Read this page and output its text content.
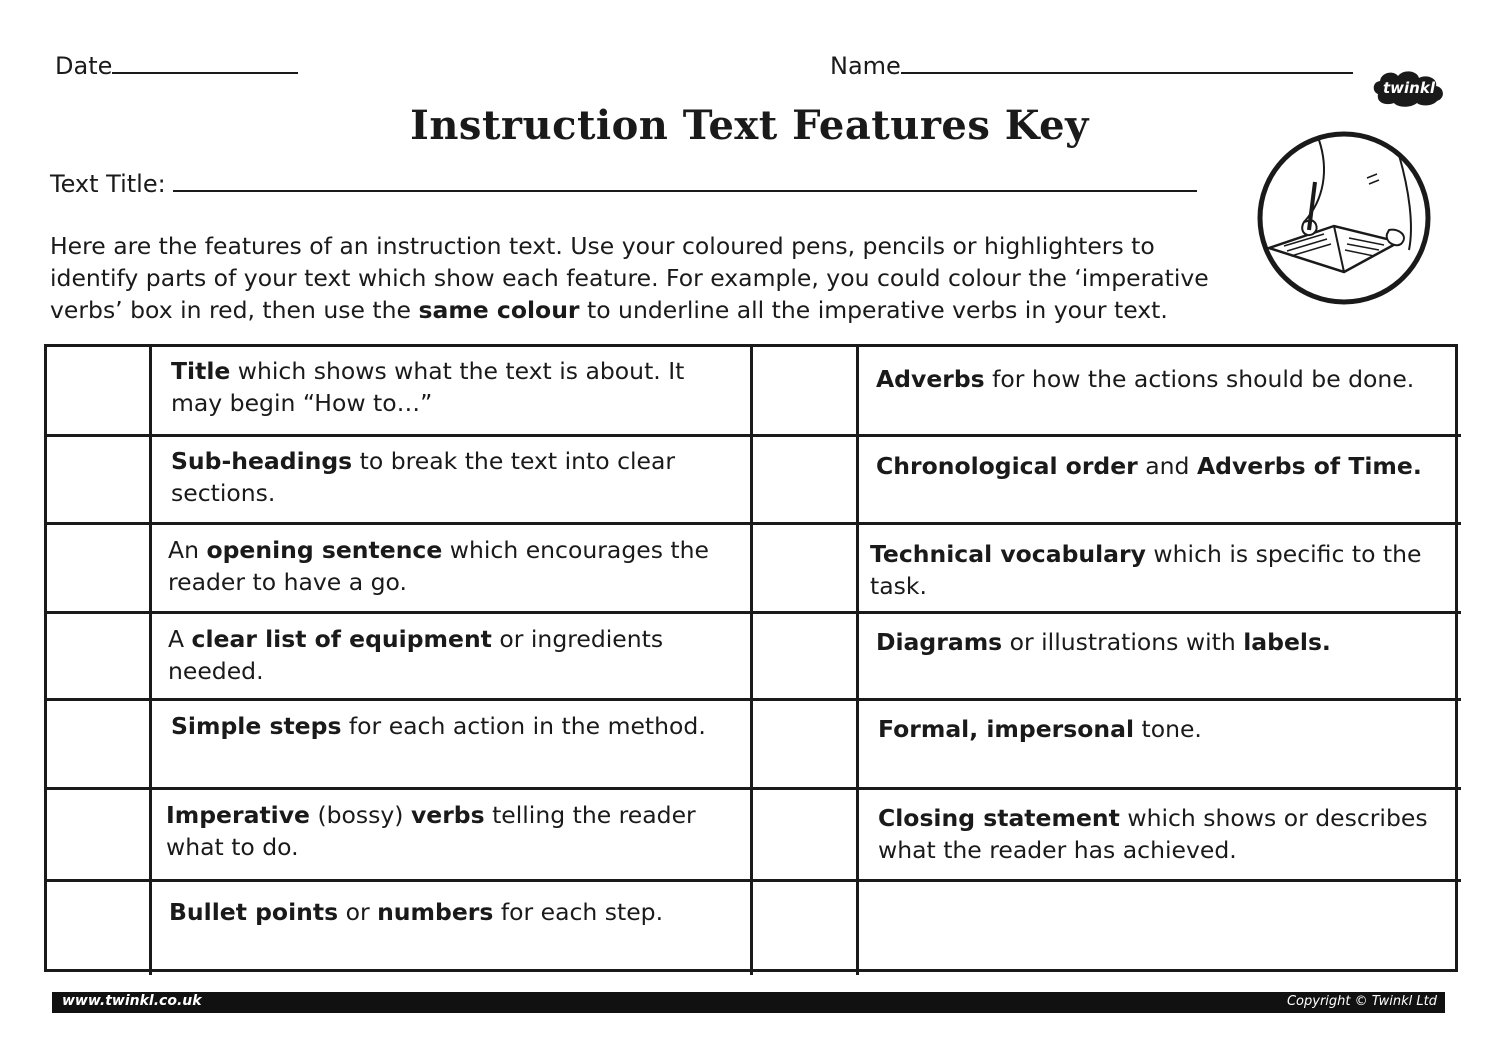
Date	Name
twinkl
Instruction Text Features Key
Text Title:
Here are the features of an instruction text. Use your coloured pens, pencils or highlighters to identify parts of your text which show each feature. For example, you could colour the ‘imperative verbs’ box in red, then use the same colour to underline all the imperative verbs in your text.
Title which shows what the text is about. It may begin “How to…”
Sub-headings to break the text into clear sections.
An opening sentence which encourages the reader to have a go.
A clear list of equipment or ingredients needed.
Simple steps for each action in the method.
Imperative (bossy) verbs telling the reader what to do.
Bullet points or numbers for each step.
Adverbs for how the actions should be done.
Chronological order and Adverbs of Time.
Technical vocabulary which is specific to the task.
Diagrams or illustrations with labels.
Formal, impersonal tone.
Closing statement which shows or describes what the reader has achieved.
www.twinkl.co.uk	Copyright © Twinkl Ltd
